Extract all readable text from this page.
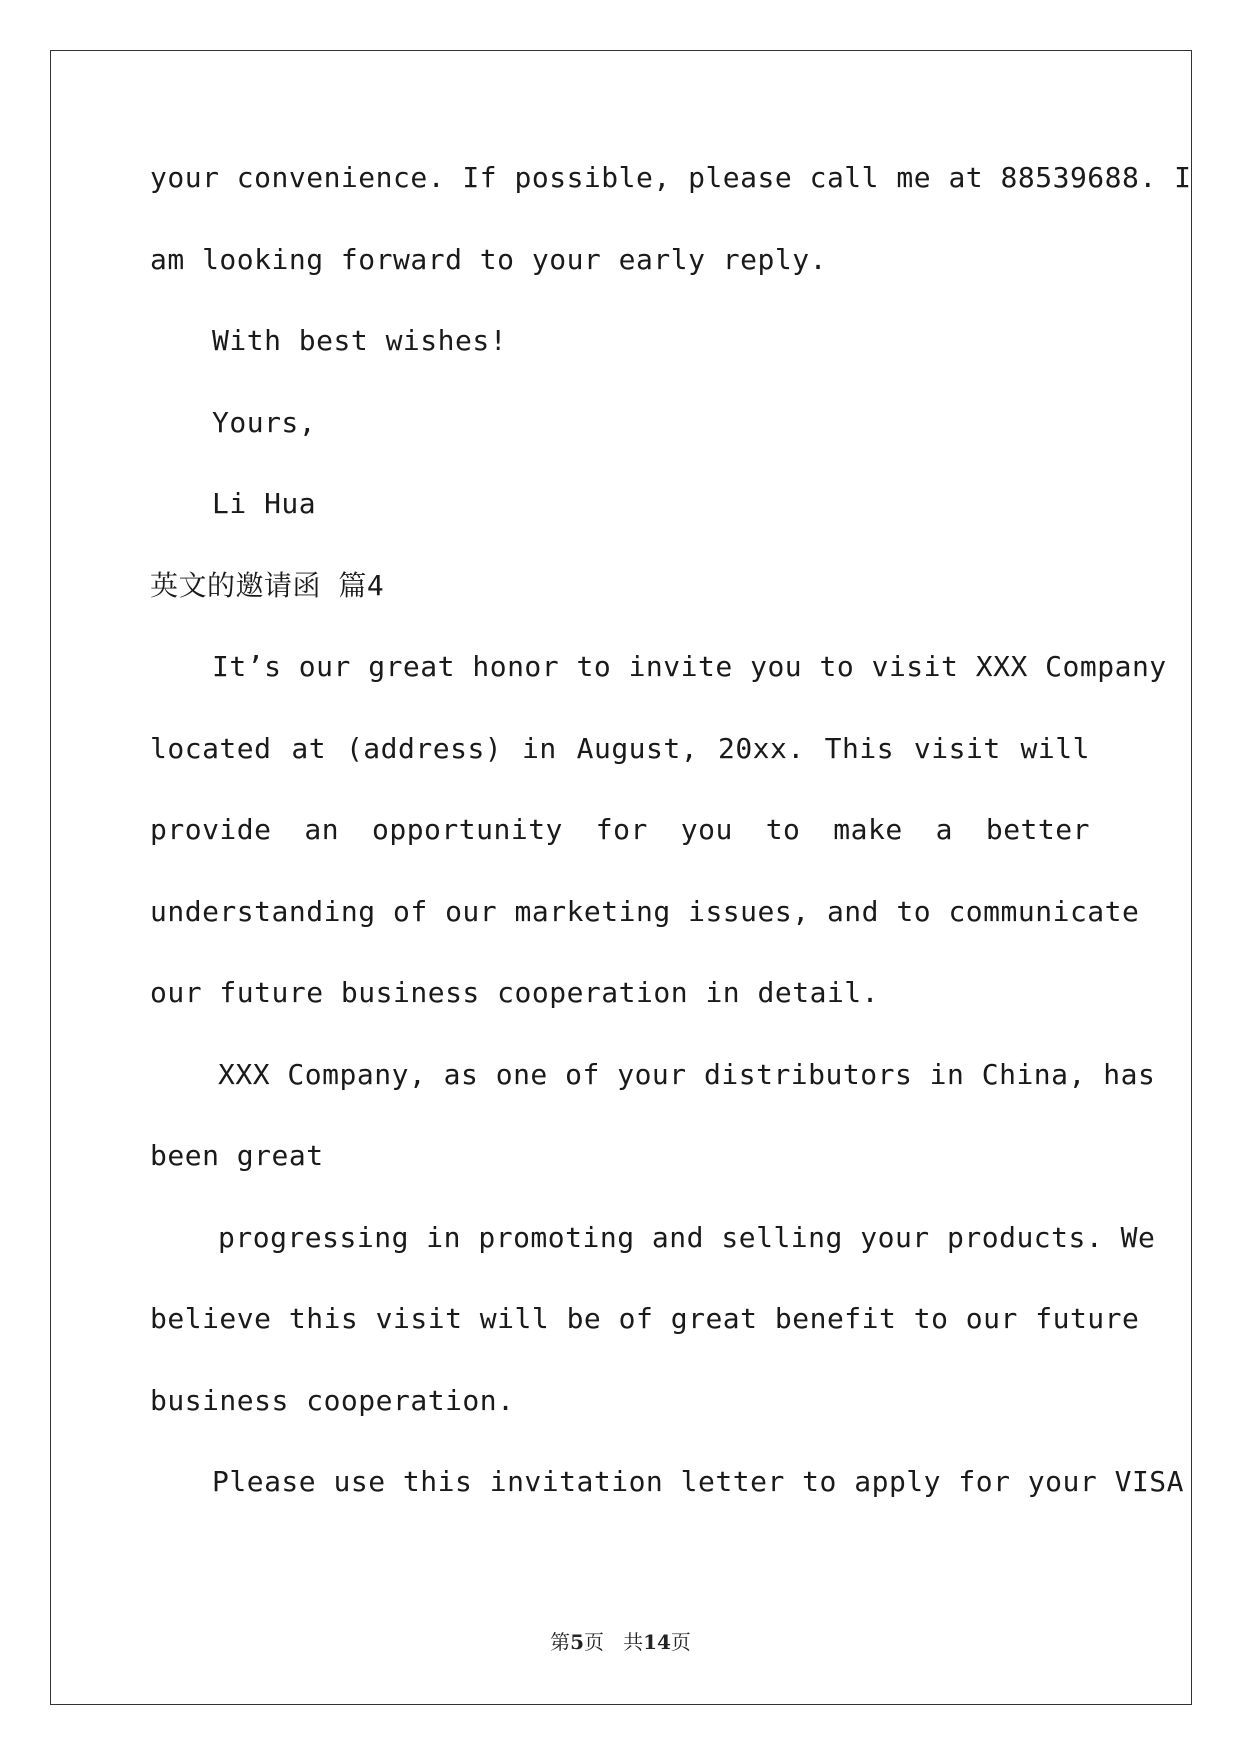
your convenience. If possible, please call me at 88539688. I
am looking forward to your early reply.
With best wishes!
Yours,
Li Hua
英文的邀请函 篇4
It’s our great honor to invite you to visit XXX Company
located at (address) in August, 20xx. This visit will
provide an opportunity for you to make a better
understanding of our marketing issues, and to communicate
our future business cooperation in detail.
XXX Company, as one of your distributors in China, has
been great
progressing in promoting and selling your products. We
believe this visit will be of great benefit to our future
business cooperation.
Please use this invitation letter to apply for your VISA
第5页 共14页
